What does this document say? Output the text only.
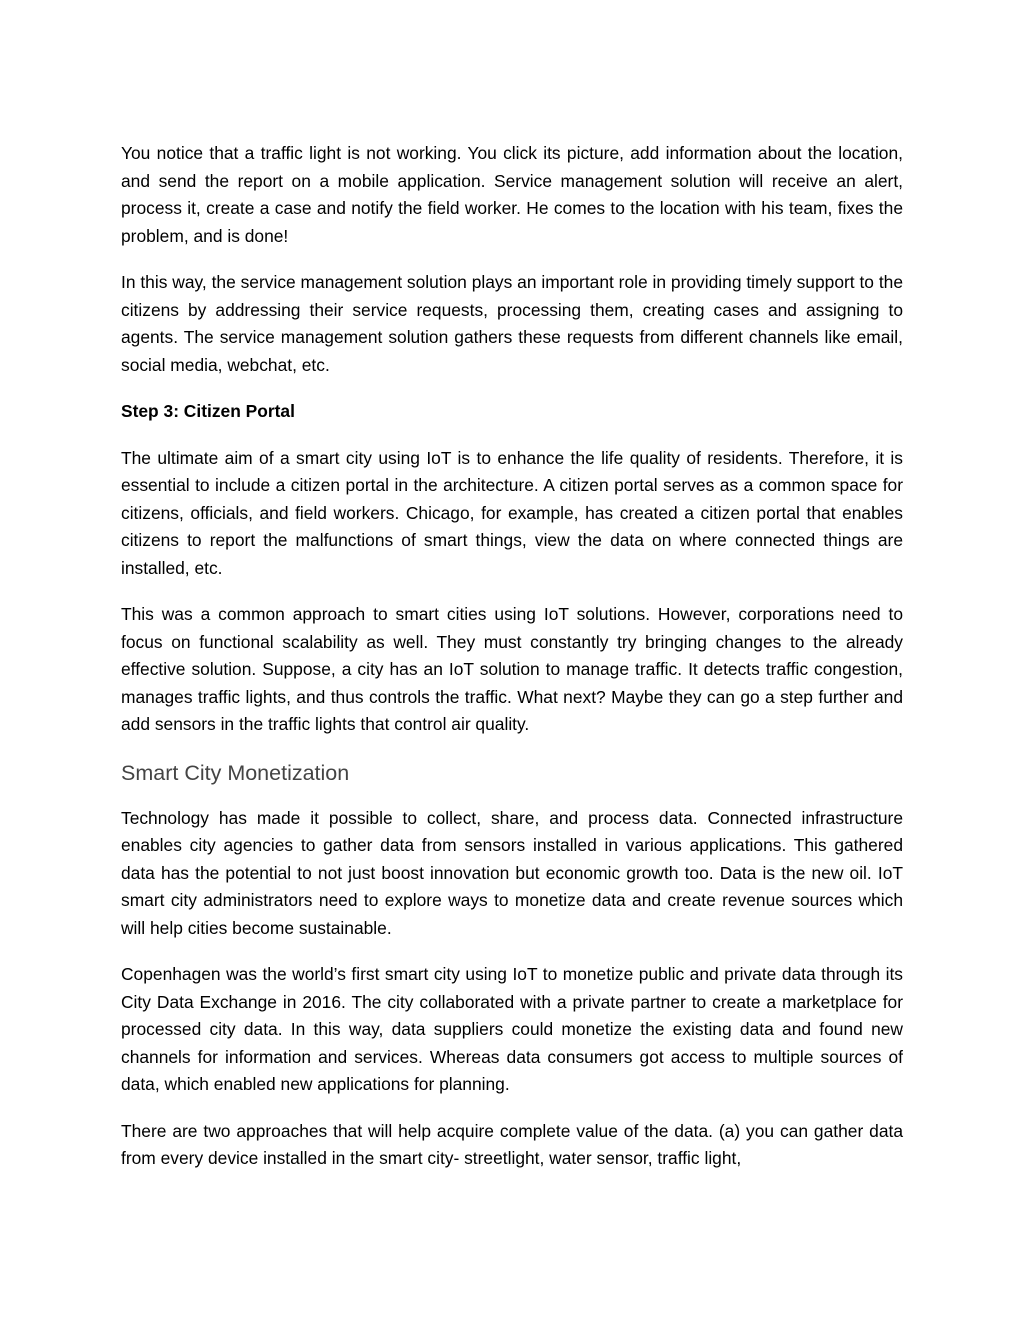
You notice that a traffic light is not working. You click its picture, add information about the location, and send the report on a mobile application. Service management solution will receive an alert, process it, create a case and notify the field worker. He comes to the location with his team, fixes the problem, and is done!

In this way, the service management solution plays an important role in providing timely support to the citizens by addressing their service requests, processing them, creating cases and assigning to agents. The service management solution gathers these requests from different channels like email, social media, webchat, etc.

Step 3: Citizen Portal

The ultimate aim of a smart city using IoT is to enhance the life quality of residents. Therefore, it is essential to include a citizen portal in the architecture. A citizen portal serves as a common space for citizens, officials, and field workers. Chicago, for example, has created a citizen portal that enables citizens to report the malfunctions of smart things, view the data on where connected things are installed, etc.

This was a common approach to smart cities using IoT solutions. However, corporations need to focus on functional scalability as well. They must constantly try bringing changes to the already effective solution. Suppose, a city has an IoT solution to manage traffic. It detects traffic congestion, manages traffic lights, and thus controls the traffic. What next? Maybe they can go a step further and add sensors in the traffic lights that control air quality.

Smart City Monetization

Technology has made it possible to collect, share, and process data. Connected infrastructure enables city agencies to gather data from sensors installed in various applications. This gathered data has the potential to not just boost innovation but economic growth too. Data is the new oil. IoT smart city administrators need to explore ways to monetize data and create revenue sources which will help cities become sustainable.

Copenhagen was the world’s first smart city using IoT to monetize public and private data through its City Data Exchange in 2016. The city collaborated with a private partner to create a marketplace for processed city data. In this way, data suppliers could monetize the existing data and found new channels for information and services. Whereas data consumers got access to multiple sources of data, which enabled new applications for planning.

There are two approaches that will help acquire complete value of the data. (a) you can gather data from every device installed in the smart city- streetlight, water sensor, traffic light,
